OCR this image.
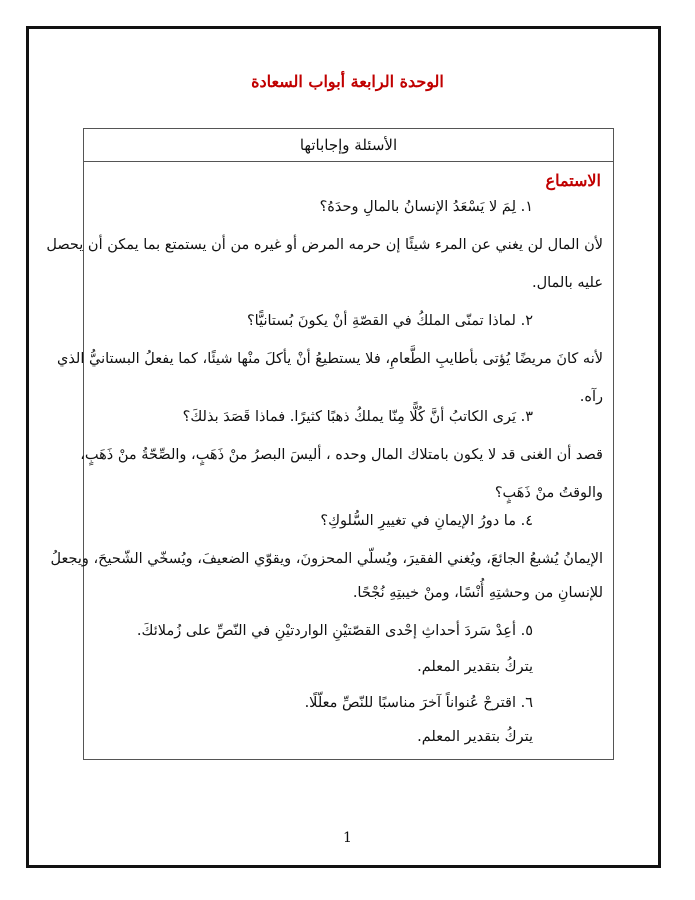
الوحدة الرابعة أبواب السعادة
الأسئلة وإجاباتها
الاستماع
١. لِمَ لا يَسْعَدُ الإنسانُ بالمالِ وحدَهُ؟
لأن المال لن يغني عن المرء شيئًا إن حرمه المرض أو غيره من أن يستمتع بما يمكن أن يحصل
عليه بالمال.
٢. لماذا تمنّى الملكُ في القصّةِ أنْ يكونَ بُستانيًّا؟
لأنه كانَ مريضًا يُؤتى بأطايبِ الطَّعامِ، فلا يستطيعُ أنْ يأكلَ منْها شيئًا، كما يفعلُ البستانيُّ الذي
رآه.
٣. يَرى الكاتبُ أنَّ كُلًّا مِنّا يملكُ ذهبًا كثيرًا. فماذا قَصَدَ بذلكَ؟
قصد أن الغنى قد لا يكون بامتلاك المال وحده ، أليسَ البصرُ منْ ذَهَبٍ، والصِّحّةُ منْ ذَهَبٍ،
والوقتُ منْ ذَهَبٍ؟
٤. ما دورُ الإيمانِ في تغييرِ السُّلوكِ؟
الإيمانُ يُشبعُ الجائعَ، ويُغني الفقيرَ، ويُسلّي المحزونَ، ويقوّي الضعيفَ، ويُسخّي الشّحيحَ، ويجعلُ
للإنسانِ من وحشتِهِ أُنْسًا، ومنْ خيبتِهِ نُجْحًا.
٥. أعِدْ سَردَ أحداثِ إحْدى القصّتيْنِ الواردتيْنِ في النّصِّ على زُملائكَ.
يتركُ بتقدير المعلم.
٦. اقترحْ عُنواناً آخرَ مناسبًا للنّصِّ معلّلًا.
يتركُ بتقدير المعلم.
1
